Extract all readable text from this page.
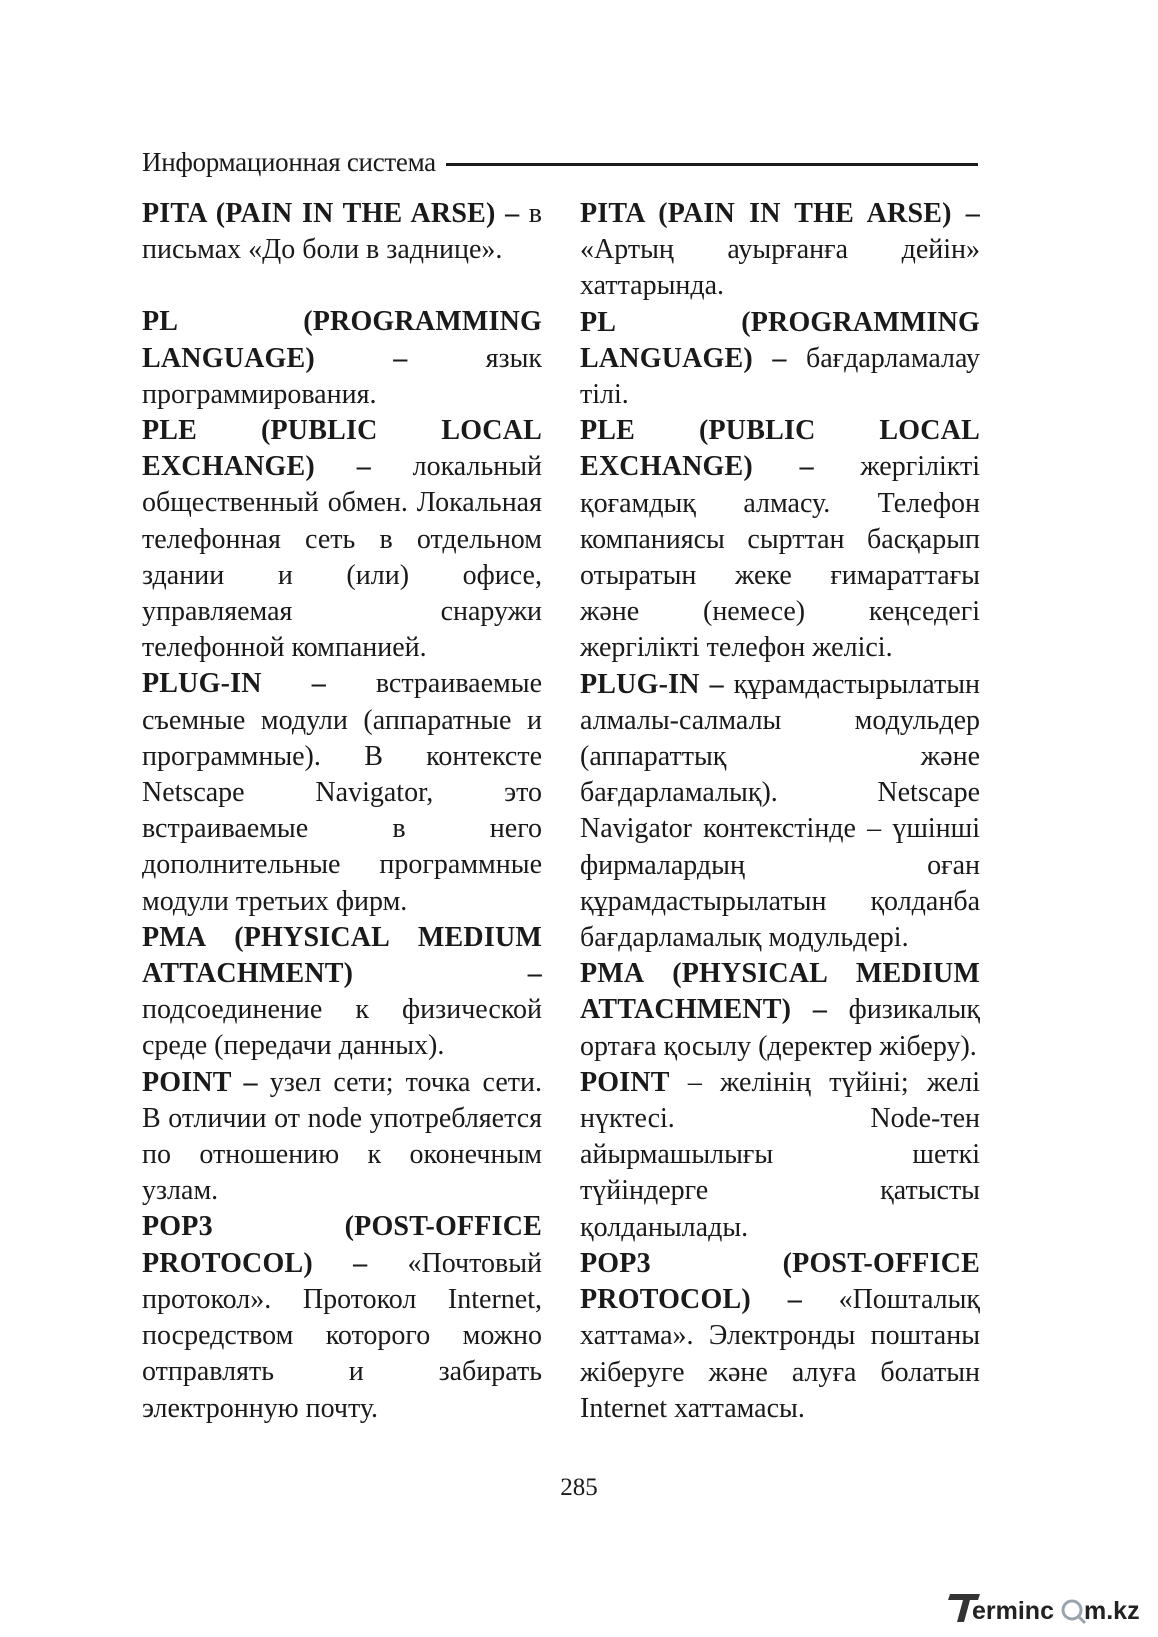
Информационная система

PITA (PAIN IN THE ARSE) – в письмах «До боли в заднице».

PL (PROGRAMMING LANGUAGE) – язык программирования.

PLE (PUBLIC LOCAL EXCHANGE) – локальный общественный обмен. Локальная телефонная сеть в отдельном здании и (или) офисе, управляемая снаружи телефонной компанией.

PLUG-IN – встраиваемые съемные модули (аппаратные и программные). В контексте Netscape Navigator, это встраиваемые в него дополнительные программные модули третьих фирм.

PMA (PHYSICAL MEDIUM ATTACHMENT) – подсоединение к физической среде (передачи данных).

POINT – узел сети; точка сети. В отличии от node употребляется по отношению к оконечным узлам.

POP3 (POST-OFFICE PROTOCOL) – «Почтовый протокол». Протокол Internet, посредством которого можно отправлять и забирать электронную почту.

PITA (PAIN IN THE ARSE) – «Артың ауырғанға дейін» хаттарында.

PL (PROGRAMMING LANGUAGE) – бағдарламалау тілі.

PLE (PUBLIC LOCAL EXCHANGE) – жергілікті қоғамдық алмасу. Телефон компаниясы сырттан басқарып отыратын жеке ғимараттағы және (немесе) кеңседегі жергілікті телефон желісі.

PLUG-IN – құрамдастырылатын алмалы-салмалы модульдер (аппараттық және бағдарламалық). Netscape Navigator контекстінде – үшінші фирмалардың оған құрамдастырылатын қолданба бағдарламалық модульдері.

PMA (PHYSICAL MEDIUM ATTACHMENT) – физикалық ортаға қосылу (деректер жіберу).

POINT – желінің түйіні; желі нүктесі. Node-тен айырмашылығы шеткі түйіндерге қатысты қолданылады.

POP3 (POST-OFFICE PROTOCOL) – «Пошталық хаттама». Электронды поштаны жіберуге және алуға болатын Internet хаттамасы.

285
erminc m.kz
